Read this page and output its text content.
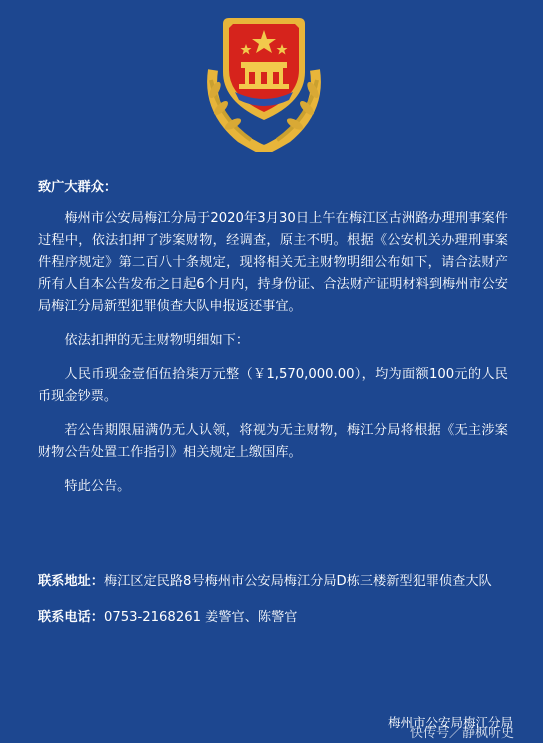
致广大群众：

梅州市公安局梅江分局于2020年3月30日上午在梅江区古洲路办理刑事案件过程中，依法扣押了涉案财物，经调查，原主不明。根据《公安机关办理刑事案件程序规定》第二百八十条规定，现将相关无主财物明细公布如下，请合法财产所有人自本公告发布之日起6个月内，持身份证、合法财产证明材料到梅州市公安局梅江分局新型犯罪侦查大队申报返还事宜。

依法扣押的无主财物明细如下：

人民币现金壹佰伍拾柒万元整（￥1,570,000.00），均为面额100元的人民币现金钞票。

若公告期限届满仍无人认领，将视为无主财物，梅江分局将根据《无主涉案财物公告处置工作指引》相关规定上缴国库。

特此公告。

联系地址：梅江区定民路8号梅州市公安局梅江分局D栋三楼新型犯罪侦查大队
联系电话：0753-2168261 姜警官、陈警官
梅州市公安局梅江分局
快传号／静枫听史
